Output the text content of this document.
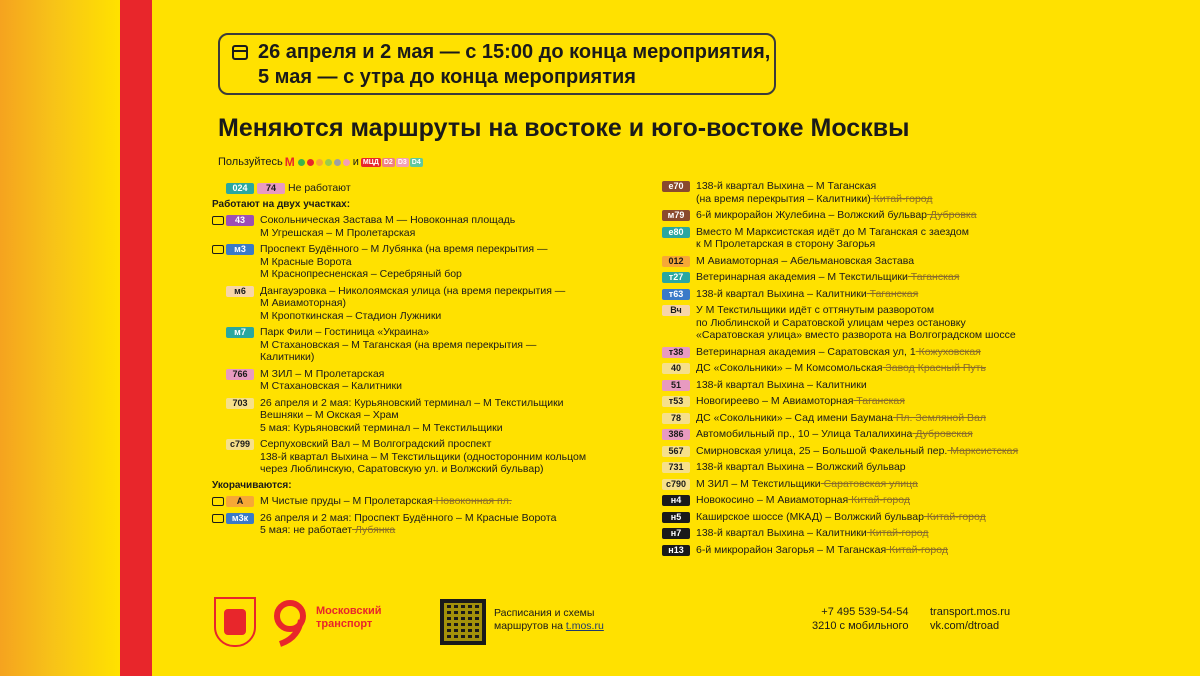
26 апреля и 2 мая — с 15:00 до конца мероприятия,
5 мая — с утра до конца мероприятия
Меняются маршруты на востоке и юго-востоке Москвы
Пользуйтесь М	и МЦД D2 D3 D4
024	74	Не работают
Работают на двух участках:
43	Сокольническая Застава М — Новоконная площадь
М Угрешская – М Пролетарская
м3	Проспект Будённого – М Лубянка (на время перекрытия —
М Красные Ворота
М Краснопресненская – Серебряный бор
м6	Дангауэровка – Николоямская улица (на время перекрытия —
М Авиамоторная)
М Кропоткинская – Стадион Лужники
м7	Парк Фили – Гостиница «Украина»
М Стахановская – М Таганская (на время перекрытия —
Калитники)
766	М ЗИЛ – М Пролетарская
М Стахановская – Калитники
703	26 апреля и 2 мая: Курьяновский терминал – М Текстильщики
Вешняки – М Окская – Храм
5 мая: Курьяновский терминал – М Текстильщики
с799 Серпуховский Вал – М Волгоградский проспект
138-й квартал Выхина – М Текстильщики (односторонним кольцом
через Люблинскую, Саратовскую ул. и Волжский бульвар)
Укорачиваются:
А	М Чистые пруды – М Пролетарская Новоконная пл.
м3к	26 апреля и 2 мая: Проспект Будённого – М Красные Ворота
5 мая: не работает Лубянка
е70	138-й квартал Выхина – М Таганская
(на время перекрытия – Калитники) Китай-город
м79	6-й микрорайон Жулебина – Волжский бульвар Дубровка
е80	Вместо М Марксистская идёт до М Таганская с заездом
к М Пролетарская в сторону Загорья
012	М Авиамоторная – Абельмановская Застава
т27	Ветеринарная академия – М Текстильщики Таганская
т63	138-й квартал Выхина – Калитники Таганская
Вч	У М Текстильщики идёт с оттянутым разворотом
по Люблинской и Саратовской улицам через остановку
«Саратовская улица» вместо разворота на Волгоградском шоссе
т38	Ветеринарная академия – Саратовская ул, 1 Кожуховская
40	ДС «Сокольники» – М Комсомольская Завод Красный Путь
51	138-й квартал Выхина – Калитники
т53	Новогиреево – М Авиамоторная Таганская
78	ДС «Сокольники» – Сад имени Баумана Пл. Земляной Вал
386	Автомобильный пр., 10 – Улица Талалихина Дубровская
567	Смирновская улица, 25 – Большой Факельный пер. Марксистская
731	138-й квартал Выхина – Волжский бульвар
с790 М ЗИЛ – М Текстильщики Саратовская улица
н4	Новокосино – М Авиамоторная Китай-город
н5	Каширское шоссе (МКАД) – Волжский бульвар Китай-город
н7	138-й квартал Выхина – Калитники Китай-город
н13	6-й микрорайон Загорья – М Таганская Китай-город
Московский
транспорт
Расписания и схемы
маршрутов на t.mos.ru
+7 495 539-54-54
3210 с мобильного
transport.mos.ru
vk.com/dtroad
